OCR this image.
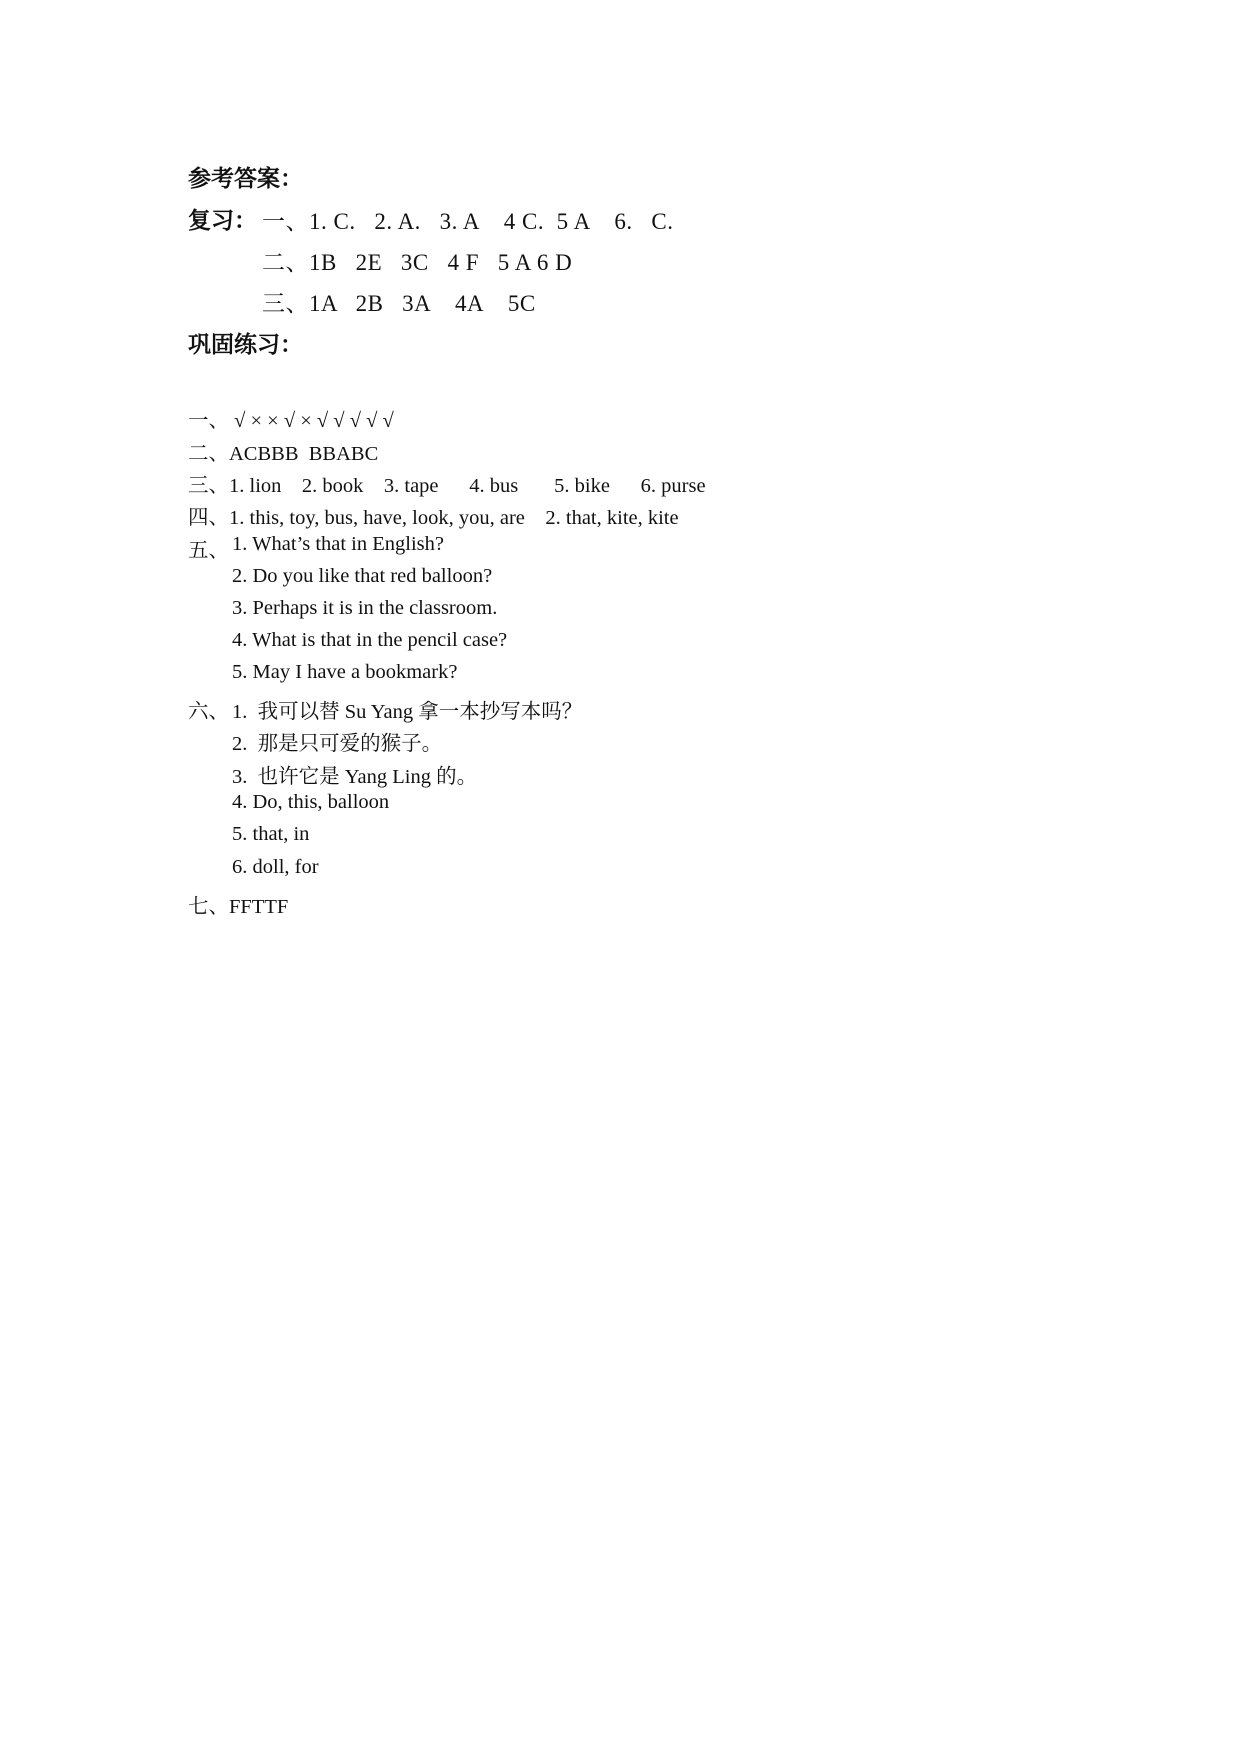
参考答案：
复习： 一、1. C.   2. A.   3. A    4 C.  5 A    6.   C.
二、1B   2E   3C   4 F   5 A 6 D
三、1A   2B   3A    4A    5C
巩固练习：
一、 √ × × √ × √ √ √ √ √
二、ACBBB  BBABC
三、1. lion    2. book    3. tape      4. bus       5. bike      6. purse
四、1. this, toy, bus, have, look, you, are    2. that, kite, kite
五、 1. What’s that in English?
2. Do you like that red balloon?
3. Perhaps it is in the classroom.
4. What is that in the pencil case?
5. May I have a bookmark?
六、 1.  我可以替 Su Yang 拿一本抄写本吗？
2.  那是只可爱的猴子。
3.  也许它是 Yang Ling 的。
4. Do, this, balloon
5. that, in
6. doll, for
七、FFTTF
